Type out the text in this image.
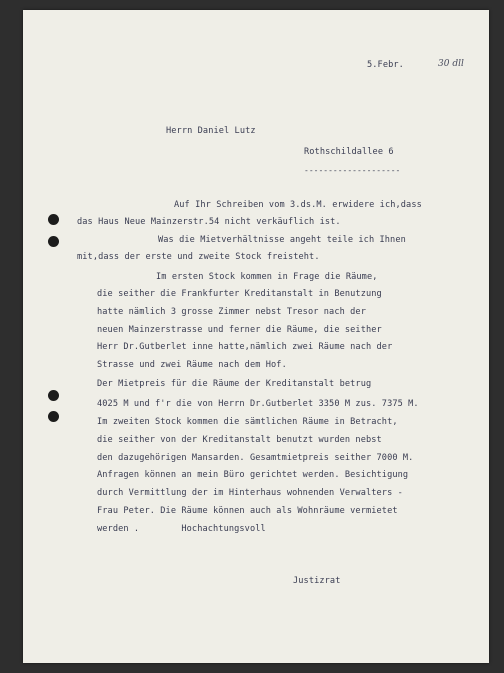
5.Febr.	30 dll
Herrn Daniel Lutz
Rothschildallee 6
--------------------
Auf Ihr Schreiben vom 3.ds.M. erwidere ich,dass
das Haus Neue Mainzerstr.54 nicht verkäuflich ist.
Was die Mietverhältnisse angeht teile ich Ihnen
mit,dass der erste und zweite Stock freisteht.
Im ersten Stock kommen in Frage die Räume,
die seither die Frankfurter Kreditanstalt in Benutzung
hatte nämlich 3 grosse Zimmer nebst Tresor nach der
neuen Mainzerstrasse und ferner die Räume, die seither
Herr Dr.Gutberlet inne hatte,nämlich zwei Räume nach der
Strasse und zwei Räume nach dem Hof.
Der Mietpreis für die Räume der Kreditanstalt betrug
4025 M und f'r die von Herrn Dr.Gutberlet 3350 M zus. 7375 M.
Im zweiten Stock kommen die sämtlichen Räume in Betracht,
die seither von der Kreditanstalt benutzt wurden nebst
den dazugehörigen Mansarden. Gesamtmietpreis seither 7000 M.
Anfragen können an mein Büro gerichtet werden. Besichtigung
durch Vermittlung der im Hinterhaus wohnenden Verwalters -
Frau Peter. Die Räume können auch als Wohnräume vermietet
werden .        Hochachtungsvoll
Justizrat
